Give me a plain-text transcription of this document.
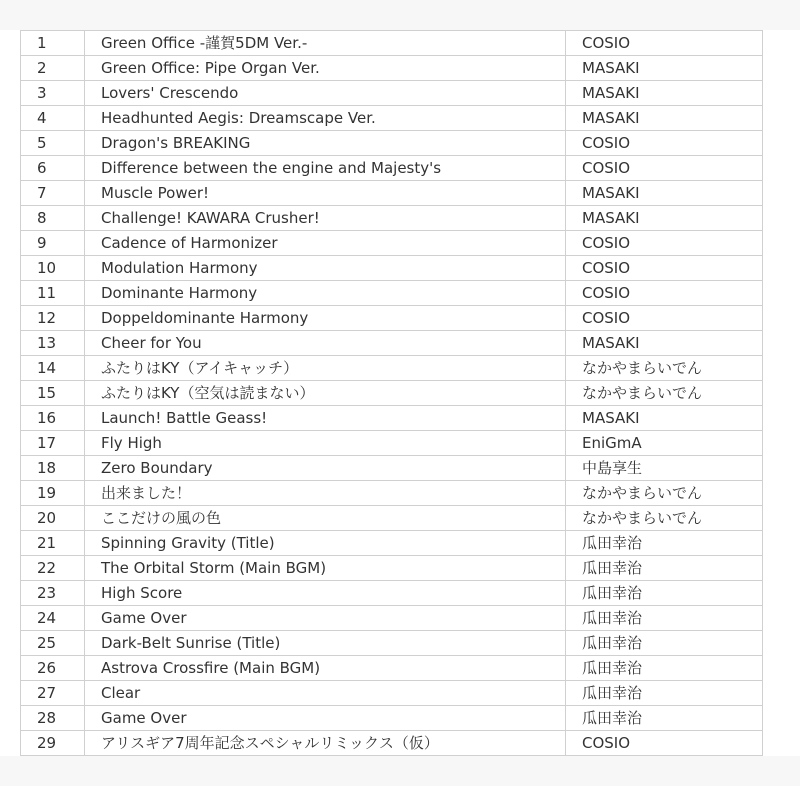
1	Green Office -謹賀5DM Ver.-	COSIO
2	Green Office: Pipe Organ Ver.	MASAKI
3	Lovers' Crescendo	MASAKI
4	Headhunted Aegis: Dreamscape Ver.	MASAKI
5	Dragon's BREAKING	COSIO
6	Difference between the engine and Majesty's	COSIO
7	Muscle Power!	MASAKI
8	Challenge! KAWARA Crusher!	MASAKI
9	Cadence of Harmonizer	COSIO
10	Modulation Harmony	COSIO
11	Dominante Harmony	COSIO
12	Doppeldominante Harmony	COSIO
13	Cheer for You	MASAKI
14	ふたりはKY（アイキャッチ）	なかやまらいでん
15	ふたりはKY（空気は読まない）	なかやまらいでん
16	Launch! Battle Geass!	MASAKI
17	Fly High	EniGmA
18	Zero Boundary	中島享生
19	出来ました！	なかやまらいでん
20	ここだけの風の色	なかやまらいでん
21	Spinning Gravity (Title)	瓜田幸治
22	The Orbital Storm (Main BGM)	瓜田幸治
23	High Score	瓜田幸治
24	Game Over	瓜田幸治
25	Dark-Belt Sunrise (Title)	瓜田幸治
26	Astrova Crossfire (Main BGM)	瓜田幸治
27	Clear	瓜田幸治
28	Game Over	瓜田幸治
29	アリスギア7周年記念スペシャルリミックス（仮）	COSIO
